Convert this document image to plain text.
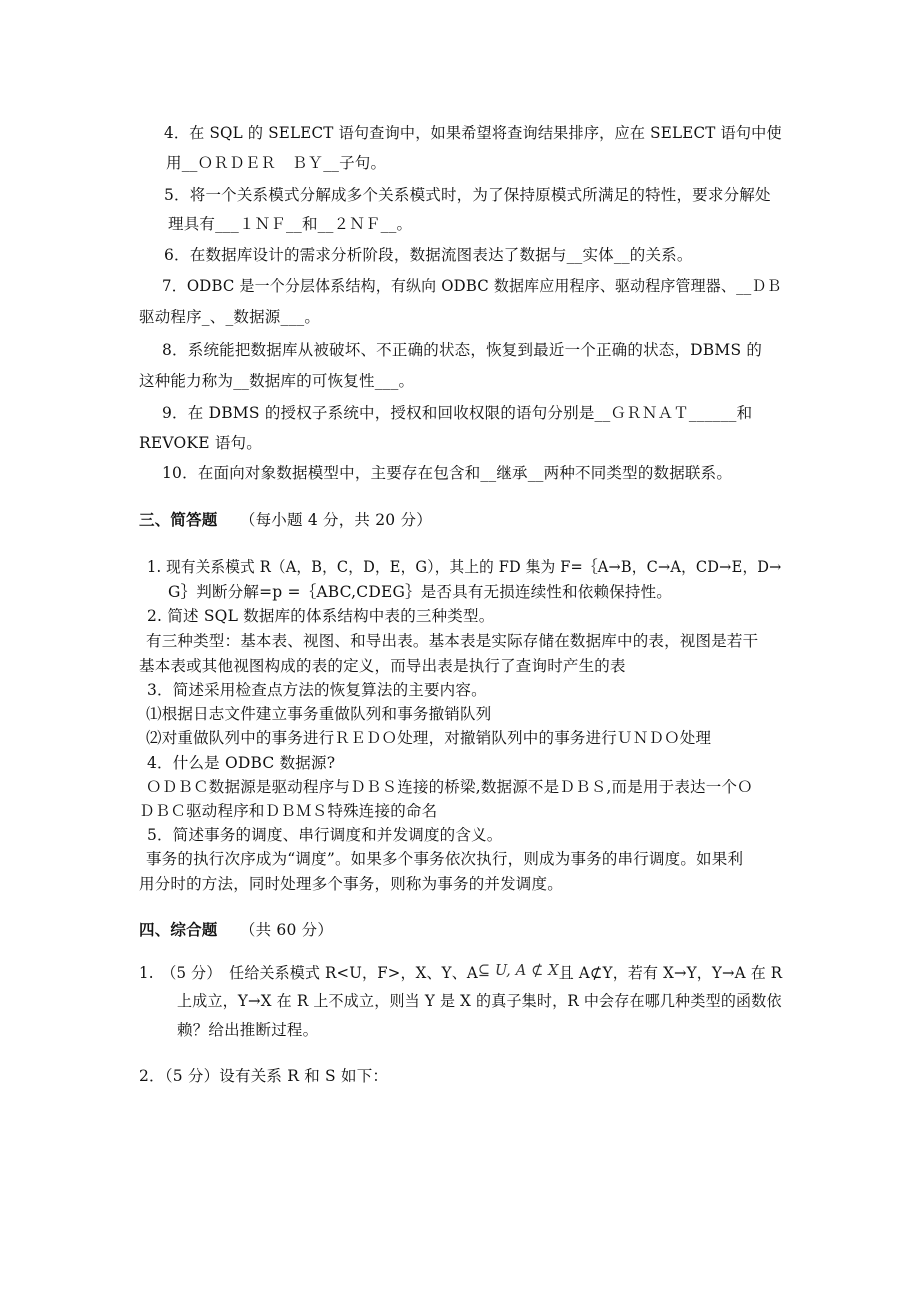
4．在 SQL 的 SELECT 语句查询中，如果希望将查询结果排序，应在 SELECT 语句中使
用__ＯＲＤＥＲ　ＢＹ__子句。
5．将一个关系模式分解成多个关系模式时，为了保持原模式所满足的特性，要求分解处
理具有___１ＮＦ__和__２ＮＦ__。
6．在数据库设计的需求分析阶段，数据流图表达了数据与__实体__的关系。
7．ODBC 是一个分层体系结构，有纵向 ODBC 数据库应用程序、驱动程序管理器、__ＤＢ
驱动程序_、_数据源___。
8．系统能把数据库从被破坏、不正确的状态，恢复到最近一个正确的状态，DBMS 的
这种能力称为__数据库的可恢复性___。
9．在 DBMS 的授权子系统中，授权和回收权限的语句分别是__ＧＲＮＡＴ______和
REVOKE 语句。
10．在面向对象数据模型中，主要存在包含和__继承__两种不同类型的数据联系。
三、简答题 （每小题 4 分，共 20 分）
1. 现有关系模式 R（A，B，C，D，E，G），其上的 FD 集为 F=｛A→B，C→A，CD→E，D→
G｝判断分解=p =｛ABC,CDEG｝是否具有无损连续性和依赖保持性。
2. 简述 SQL 数据库的体系结构中表的三种类型。
有三种类型：基本表、视图、和导出表。基本表是实际存储在数据库中的表，视图是若干
基本表或其他视图构成的表的定义，而导出表是执行了查询时产生的表
3．简述采用检查点方法的恢复算法的主要内容。
⑴根据日志文件建立事务重做队列和事务撤销队列
⑵对重做队列中的事务进行ＲＥＤＯ处理，对撤销队列中的事务进行ＵＮＤＯ处理
4．什么是 ODBC 数据源?
ＯＤＢＣ数据源是驱动程序与ＤＢＳ连接的桥梁,数据源不是ＤＢＳ,而是用于表达一个Ｏ
ＤＢＣ驱动程序和ＤＢＭＳ特殊连接的命名
5．简述事务的调度、串行调度和并发调度的含义。
事务的执行次序成为“调度”。如果多个事务依次执行，则成为事务的串行调度。如果利
用分时的方法，同时处理多个事务，则称为事务的并发调度。
四、综合题 （共 60 分）
1.　（5 分）　任给关系模式 R<U，F>，X、Y、A⊆ U, A ⊄ X且 A⊄Y，若有 X→Y，Y→A 在 R
上成立，Y→X 在 R 上不成立，则当 Y 是 X 的真子集时，R 中会存在哪几种类型的函数依
赖？给出推断过程。
2．（5 分）设有关系 R 和 S 如下：
